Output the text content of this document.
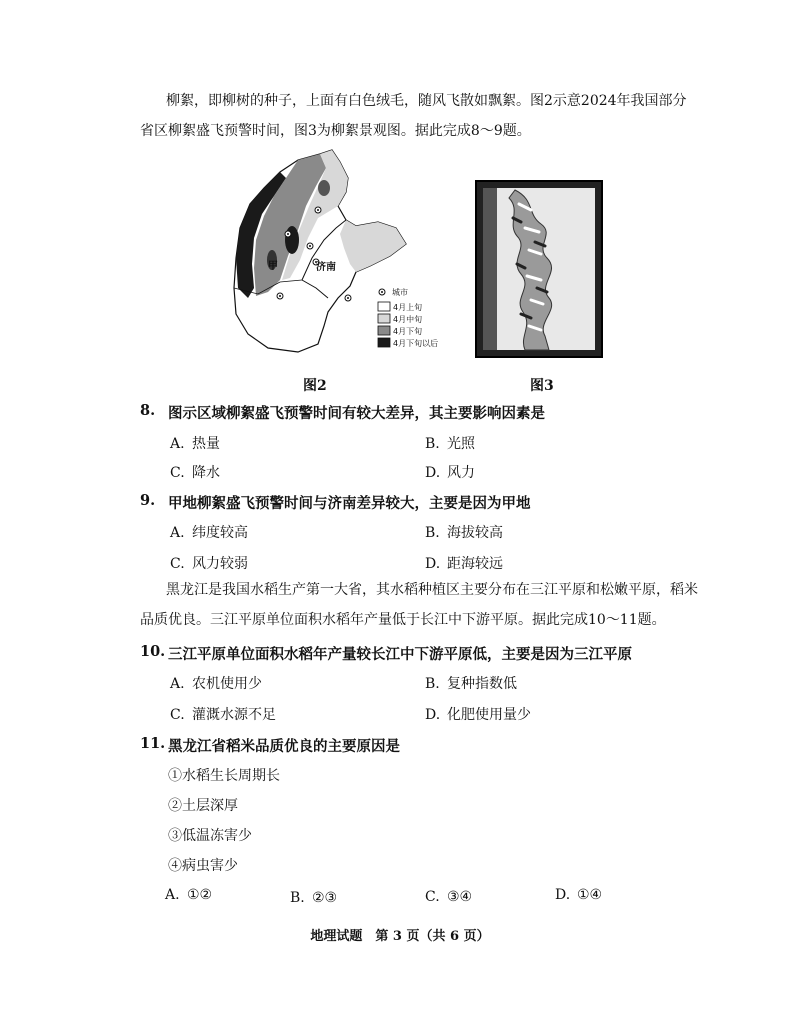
柳絮，即柳树的种子，上面有白色绒毛，随风飞散如飘絮。图2示意2024年我国部分
省区柳絮盛飞预警时间，图3为柳絮景观图。据此完成8～9题。
甲	济南
城市
4月上旬
4月中旬
4月下旬
4月下旬以后
图2	图3
8. 图示区域柳絮盛飞预警时间有较大差异，其主要影响因素是
A. 热量	B. 光照
C. 降水	D. 风力
9. 甲地柳絮盛飞预警时间与济南差异较大，主要是因为甲地
A. 纬度较高	B. 海拔较高
C. 风力较弱	D. 距海较远
黑龙江是我国水稻生产第一大省，其水稻种植区主要分布在三江平原和松嫩平原，稻米
品质优良。三江平原单位面积水稻年产量低于长江中下游平原。据此完成10～11题。
10. 三江平原单位面积水稻年产量较长江中下游平原低，主要是因为三江平原
A. 农机使用少	B. 复种指数低
C. 灌溉水源不足	D. 化肥使用量少
11. 黑龙江省稻米品质优良的主要原因是
①水稻生长周期长
②土层深厚
③低温冻害少
④病虫害少
A. ①②	B. ②③	C. ③④	D. ①④
地理试题　第 3 页（共 6 页）
